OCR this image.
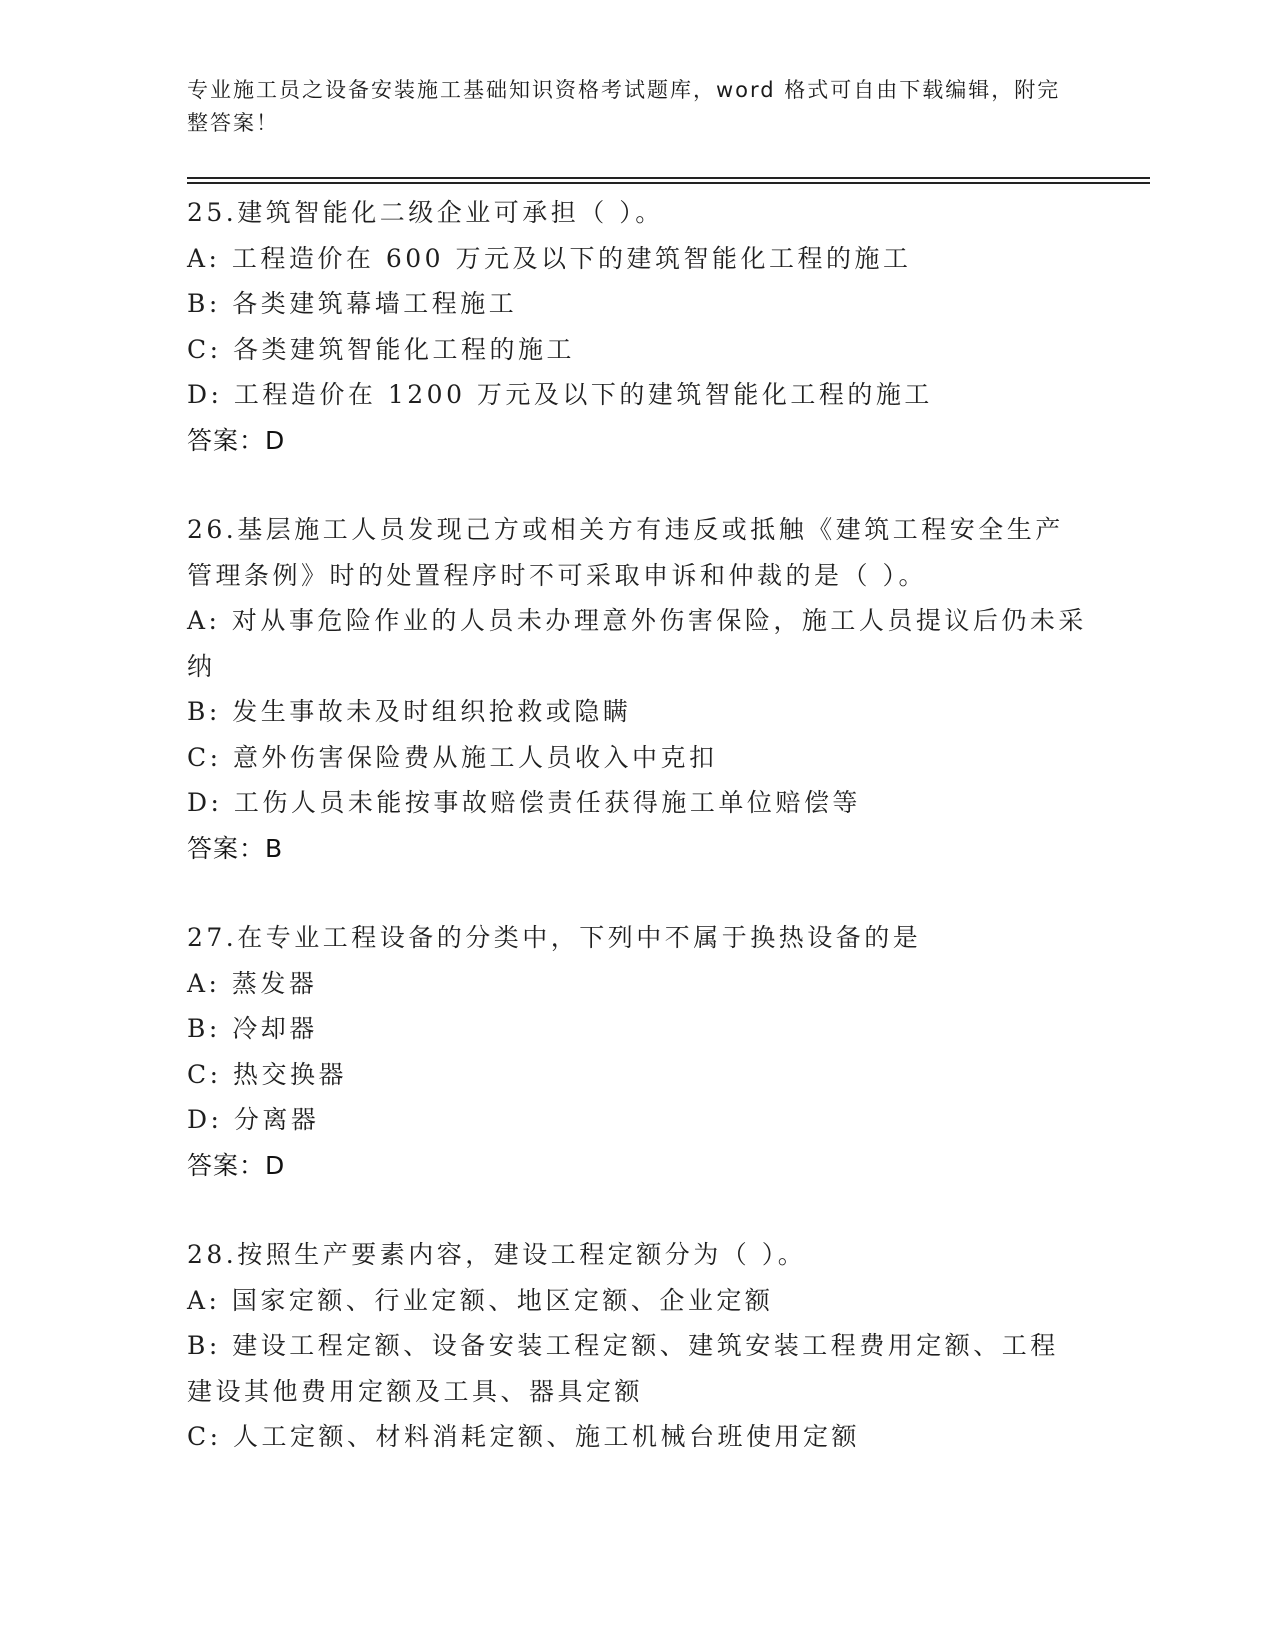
专业施工员之设备安装施工基础知识资格考试题库，word 格式可自由下载编辑，附完整答案！
25.建筑智能化二级企业可承担（ ）。
A: 工程造价在 600 万元及以下的建筑智能化工程的施工
B: 各类建筑幕墙工程施工
C: 各类建筑智能化工程的施工
D: 工程造价在 1200 万元及以下的建筑智能化工程的施工
答案：D
26.基层施工人员发现己方或相关方有违反或抵触《建筑工程安全生产管理条例》时的处置程序时不可采取申诉和仲裁的是（ ）。
A: 对从事危险作业的人员未办理意外伤害保险，施工人员提议后仍未采纳
B: 发生事故未及时组织抢救或隐瞒
C: 意外伤害保险费从施工人员收入中克扣
D: 工伤人员未能按事故赔偿责任获得施工单位赔偿等
答案：B
27.在专业工程设备的分类中，下列中不属于换热设备的是
A: 蒸发器
B: 冷却器
C: 热交换器
D: 分离器
答案：D
28.按照生产要素内容，建设工程定额分为（ ）。
A: 国家定额、行业定额、地区定额、企业定额
B: 建设工程定额、设备安装工程定额、建筑安装工程费用定额、工程建设其他费用定额及工具、器具定额
C: 人工定额、材料消耗定额、施工机械台班使用定额
